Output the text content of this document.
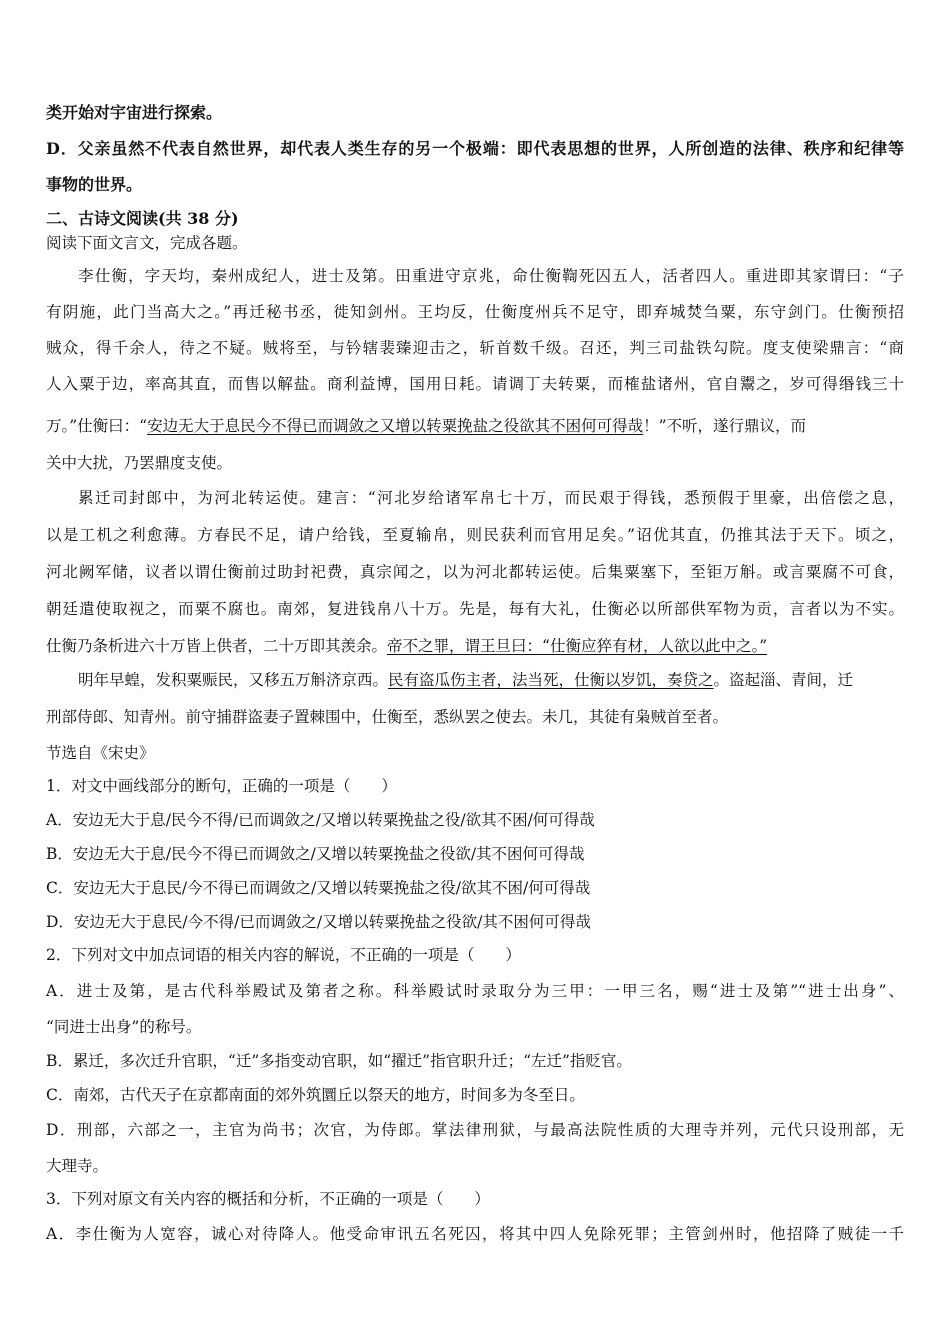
类开始对宇宙进行探索。
D．父亲虽然不代表自然世界，却代表人类生存的另一个极端：即代表思想的世界，人所创造的法律、秩序和纪律等
事物的世界。
二、古诗文阅读(共 38 分)
阅读下面文言文，完成各题。
李仕衡，字天均，秦州成纪人，进士及第。田重进守京兆，命仕衡鞫死囚五人，活者四人。重进即其家谓曰：“子
有阴施，此门当高大之。”再迁秘书丞，徙知剑州。王均反，仕衡度州兵不足守，即弃城焚刍粟，东守剑门。仕衡预招
贼众，得千余人，待之不疑。贼将至，与钤辖裴臻迎击之，斩首数千级。召还，判三司盐铁勾院。度支使梁鼎言：“商
人入粟于边，率高其直，而售以解盐。商利益博，国用日耗。请调丁夫转粟，而榷盐诸州，官自鬻之，岁可得缗钱三十
万。”仕衡曰：“安边无大于息民今不得已而调敛之又增以转粟挽盐之役欲其不困何可得哉！”不听，遂行鼎议，而
关中大扰，乃罢鼎度支使。
累迁司封郎中，为河北转运使。建言：“河北岁给诸军帛七十万，而民艰于得钱，悉预假于里豪，出倍偿之息，
以是工机之利愈薄。方春民不足，请户给钱，至夏输帛，则民获利而官用足矣。”诏优其直，仍推其法于天下。顷之，
河北阙军储，议者以谓仕衡前过助封祀费，真宗闻之，以为河北都转运使。后集粟塞下，至钜万斛。或言粟腐不可食，
朝廷遣使取视之，而粟不腐也。南郊，复进钱帛八十万。先是，每有大礼，仕衡必以所部供军物为贡，言者以为不实。
仕衡乃条析进六十万皆上供者，二十万即其羡余。帝不之罪，谓王旦曰：“仕衡应猝有材，人欲以此中之。”
明年早蝗，发积粟赈民，又移五万斛济京西。民有盗瓜伤主者，法当死，仕衡以岁饥，奏贷之。盗起淄、青间，迁
刑部侍郎、知青州。前守捕群盗妻子置棘围中，仕衡至，悉纵罢之使去。未几，其徒有枭贼首至者。
节选自《宋史》
1．对文中画线部分的断句，正确的一项是（　　）
A．安边无大于息/民今不得/已而调敛之/又增以转粟挽盐之役/欲其不困/何可得哉
B．安边无大于息/民今不得已而调敛之/又增以转粟挽盐之役欲/其不困何可得哉
C．安边无大于息民/今不得已而调敛之/又增以转粟挽盐之役/欲其不困/何可得哉
D．安边无大于息民/今不得/已而调敛之/又增以转粟挽盐之役欲/其不困何可得哉
2．下列对文中加点词语的相关内容的解说，不正确的一项是（　　）
A．进士及第，是古代科举殿试及第者之称。科举殿试时录取分为三甲：一甲三名，赐“进士及第”“进士出身”、
“同进士出身”的称号。
B．累迁，多次迁升官职，“迁”多指变动官职，如“擢迁”指官职升迁；“左迁”指贬官。
C．南郊，古代天子在京都南面的郊外筑圜丘以祭天的地方，时间多为冬至日。
D．刑部，六部之一，主官为尚书；次官，为侍郎。掌法律刑狱，与最高法院性质的大理寺并列，元代只设刑部，无
大理寺。
3．下列对原文有关内容的概括和分析，不正确的一项是（　　）
A．李仕衡为人宽容，诚心对待降人。他受命审讯五名死囚，将其中四人免除死罪；主管剑州时，他招降了贼徒一千
